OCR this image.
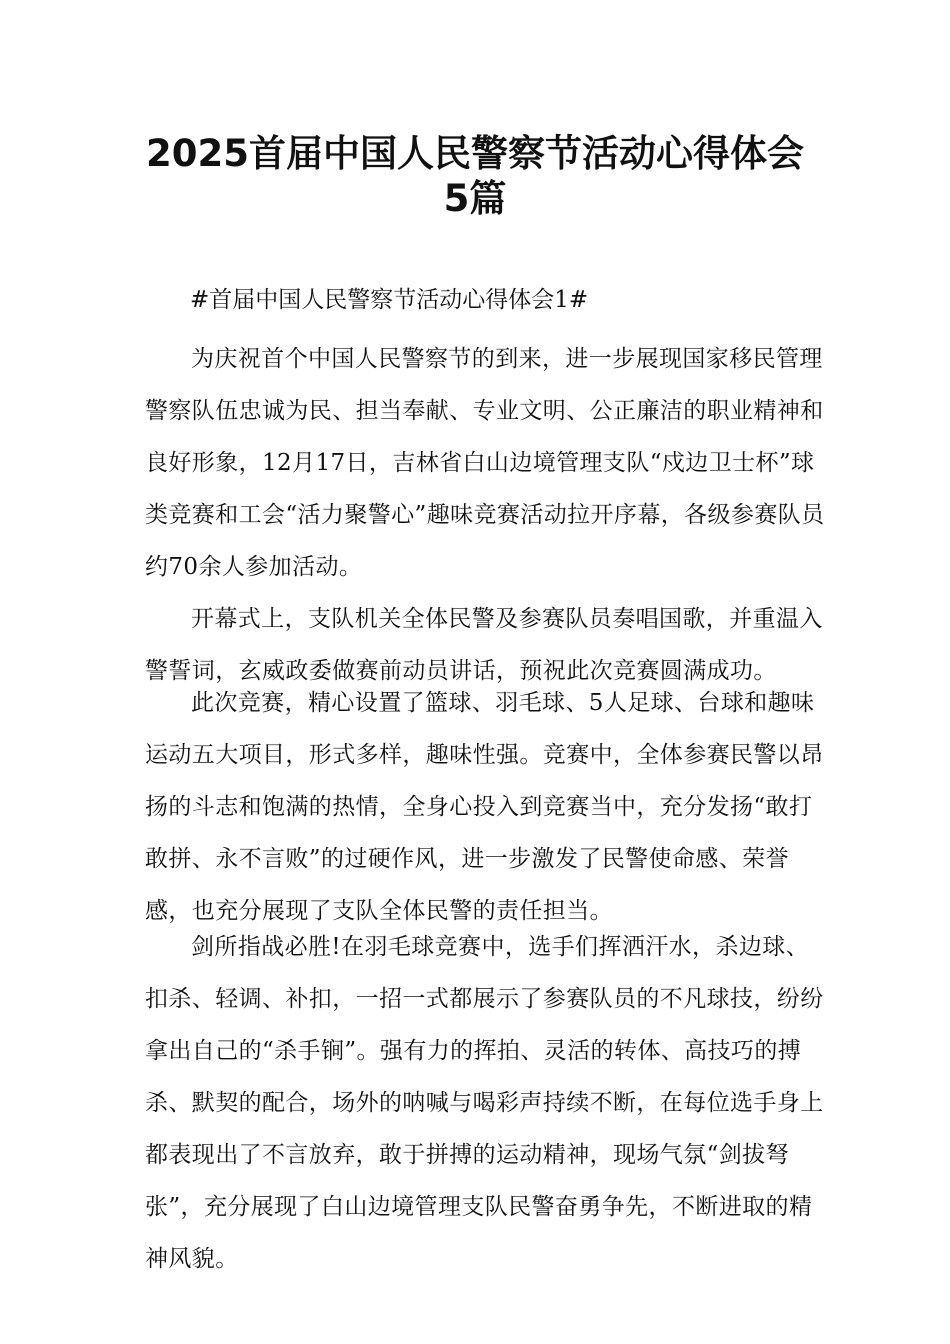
2025首届中国人民警察节活动心得体会
5篇

#首届中国人民警察节活动心得体会1#

为庆祝首个中国人民警察节的到来，进一步展现国家移民管理警察队伍忠诚为民、担当奉献、专业文明、公正廉洁的职业精神和良好形象，12月17日，吉林省白山边境管理支队“戍边卫士杯”球类竞赛和工会“活力聚警心”趣味竞赛活动拉开序幕，各级参赛队员约70余人参加活动。

开幕式上，支队机关全体民警及参赛队员奏唱国歌，并重温入警誓词，玄威政委做赛前动员讲话，预祝此次竞赛圆满成功。

此次竞赛，精心设置了篮球、羽毛球、5人足球、台球和趣味运动五大项目，形式多样，趣味性强。竞赛中，全体参赛民警以昂扬的斗志和饱满的热情，全身心投入到竞赛当中，充分发扬“敢打敢拼、永不言败”的过硬作风，进一步激发了民警使命感、荣誉感，也充分展现了支队全体民警的责任担当。

剑所指战必胜!在羽毛球竞赛中，选手们挥洒汗水，杀边球、扣杀、轻调、补扣，一招一式都展示了参赛队员的不凡球技，纷纷拿出自己的“杀手锏”。强有力的挥拍、灵活的转体、高技巧的搏杀、默契的配合，场外的呐喊与喝彩声持续不断，在每位选手身上都表现出了不言放弃，敢于拼搏的运动精神，现场气氛“剑拔弩张”，充分展现了白山边境管理支队民警奋勇争先，不断进取的精神风貌。
